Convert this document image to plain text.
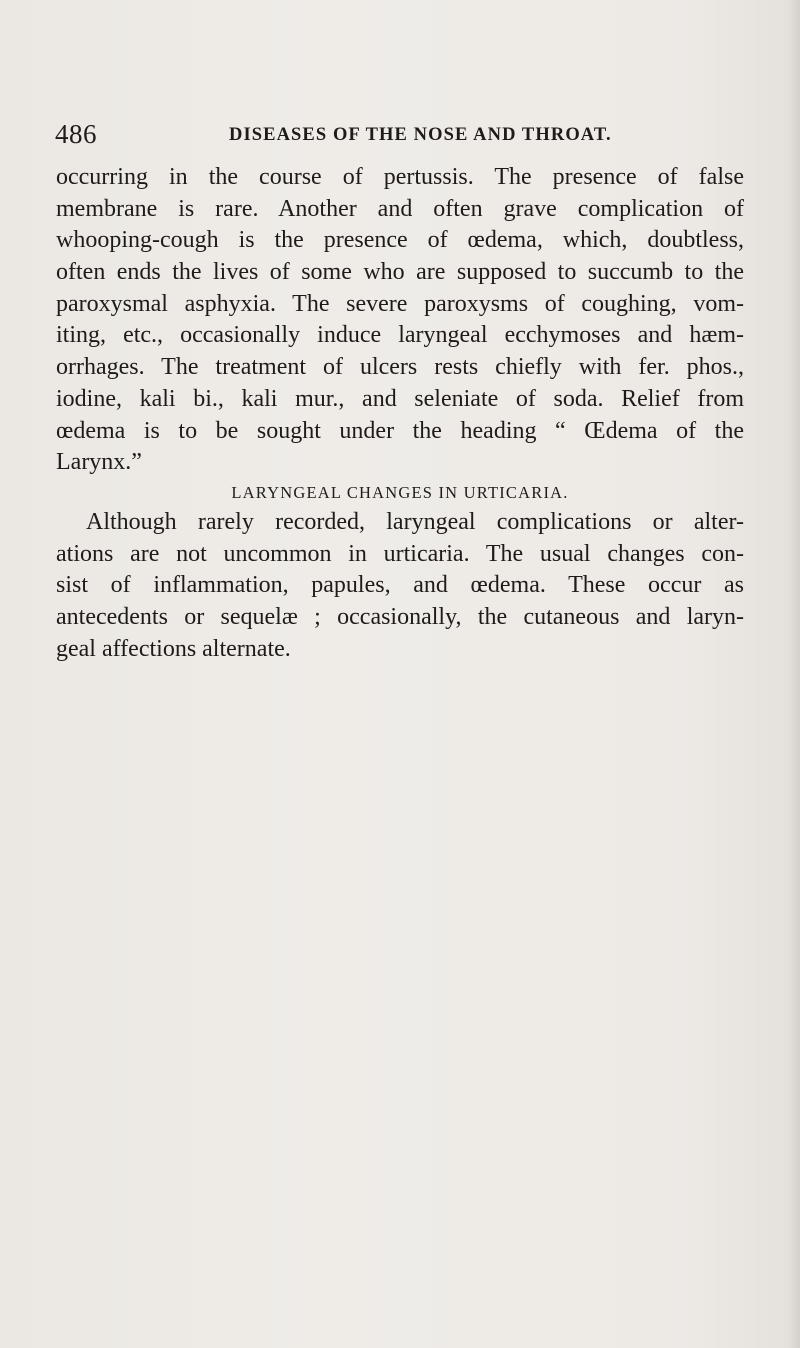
486	DISEASES OF THE NOSE AND THROAT.
occurring in the course of pertussis. The presence of false
membrane is rare. Another and often grave complication of
whooping-cough is the presence of œdema, which, doubtless,
often ends the lives of some who are supposed to succumb to the
paroxysmal asphyxia. The severe paroxysms of coughing, vom-
iting, etc., occasionally induce laryngeal ecchymoses and hæm-
orrhages. The treatment of ulcers rests chiefly with fer. phos.,
iodine, kali bi., kali mur., and seleniate of soda. Relief from
œdema is to be sought under the heading “ Œdema of the
Larynx.”
LARYNGEAL CHANGES IN URTICARIA.
Although rarely recorded, laryngeal complications or alter-
ations are not uncommon in urticaria. The usual changes con-
sist of inflammation, papules, and œdema. These occur as
antecedents or sequelæ ; occasionally, the cutaneous and laryn-
geal affections alternate.
